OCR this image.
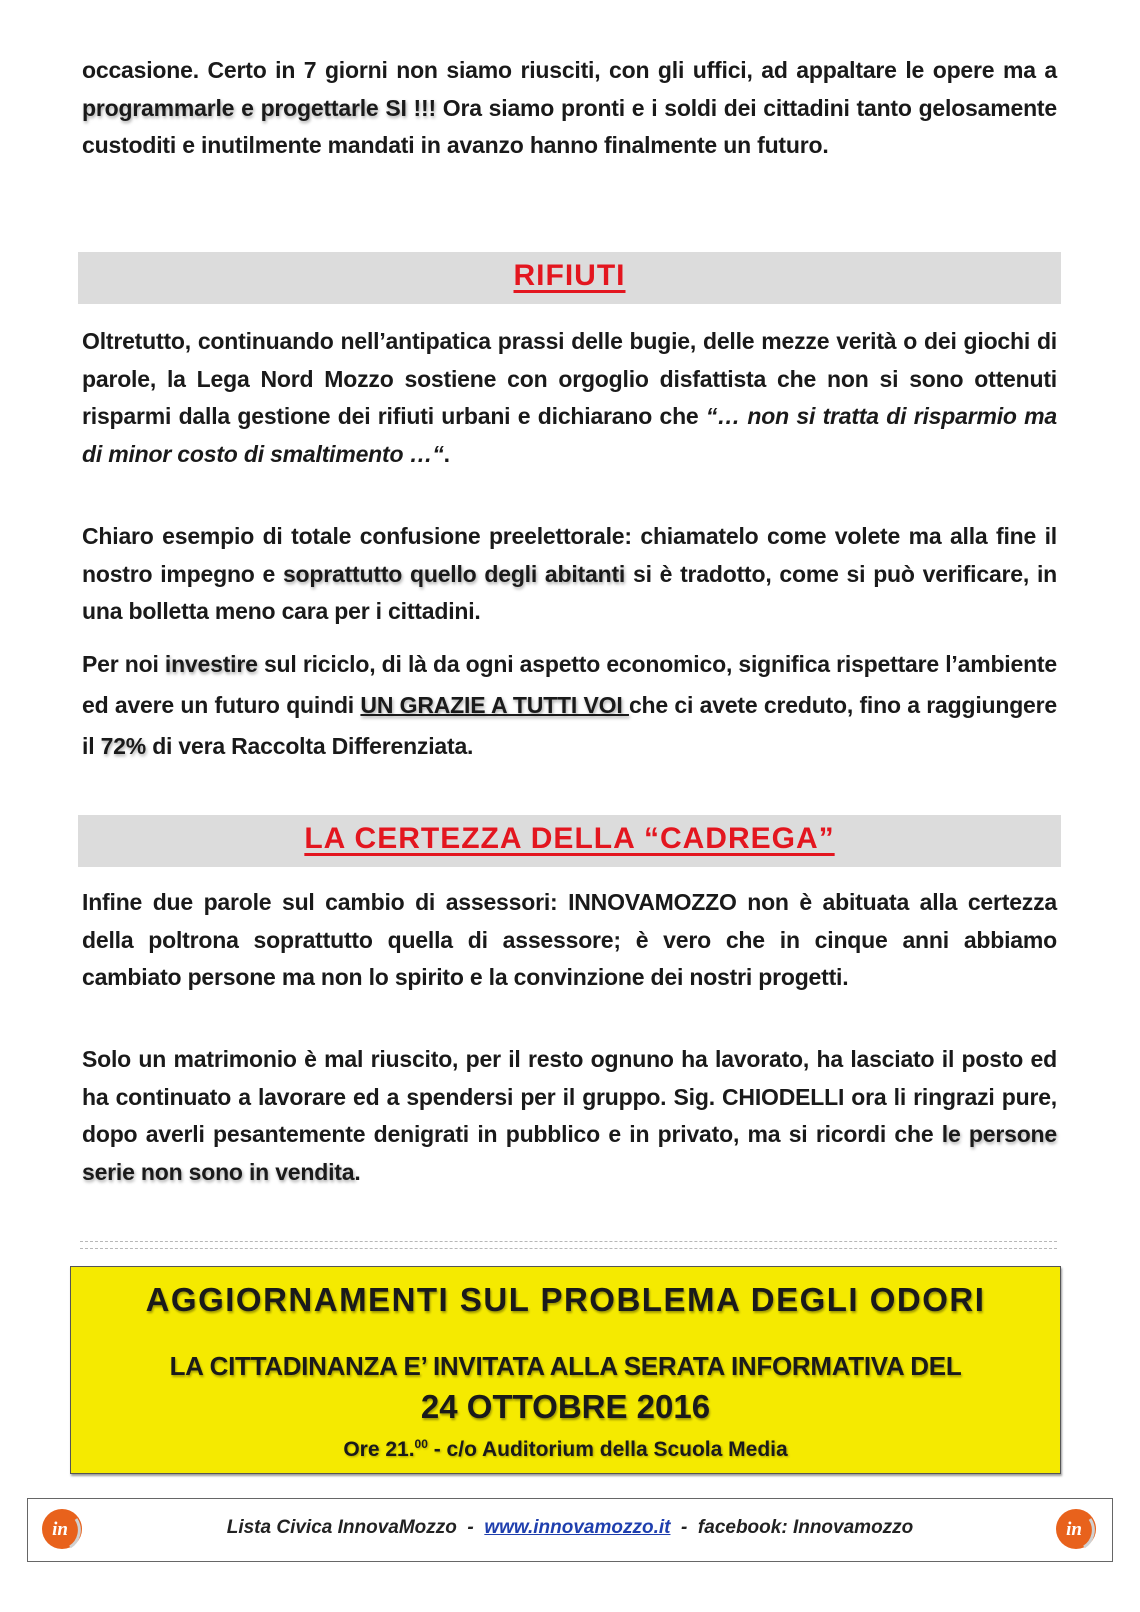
occasione. Certo in 7 giorni non siamo riusciti, con gli uffici, ad appaltare le opere ma a programmarle e progettarle SI !!! Ora siamo pronti e i soldi dei cittadini tanto gelosamente custoditi e inutilmente mandati in avanzo hanno finalmente un futuro.

RIFIUTI

Oltretutto, continuando nell’antipatica prassi delle bugie, delle mezze verità o dei giochi di parole, la Lega Nord Mozzo sostiene con orgoglio disfattista che non si sono ottenuti risparmi dalla gestione dei rifiuti urbani e dichiarano che “… non si tratta di risparmio ma di minor costo di smaltimento …“.

Chiaro esempio di totale confusione preelettorale: chiamatelo come volete ma alla fine il nostro impegno e soprattutto quello degli abitanti si è tradotto, come si può verificare, in una bolletta meno cara per i cittadini.

Per noi investire sul riciclo, di là da ogni aspetto economico, significa rispettare l’ambiente ed avere un futuro quindi UN GRAZIE A TUTTI VOI che ci avete creduto, fino a raggiungere il 72% di vera Raccolta Differenziata.

LA CERTEZZA DELLA “CADREGA”

Infine due parole sul cambio di assessori: INNOVAMOZZO non è abituata alla certezza della poltrona soprattutto quella di assessore; è vero che in cinque anni abbiamo cambiato persone ma non lo spirito e la convinzione dei nostri progetti.

Solo un matrimonio è mal riuscito, per il resto ognuno ha lavorato, ha lasciato il posto ed ha continuato a lavorare ed a spendersi per il gruppo. Sig. CHIODELLI ora li ringrazi pure, dopo averli pesantemente denigrati in pubblico e in privato, ma si ricordi che le persone serie non sono in vendita.

AGGIORNAMENTI SUL PROBLEMA DEGLI ODORI
LA CITTADINANZA E’ INVITATA ALLA SERATA INFORMATIVA DEL
24 OTTOBRE 2016
Ore 21.00 - c/o Auditorium della Scuola Media
in	Lista Civica InnovaMozzo  -  www.innovamozzo.it  -  facebook: Innovamozzo	in
